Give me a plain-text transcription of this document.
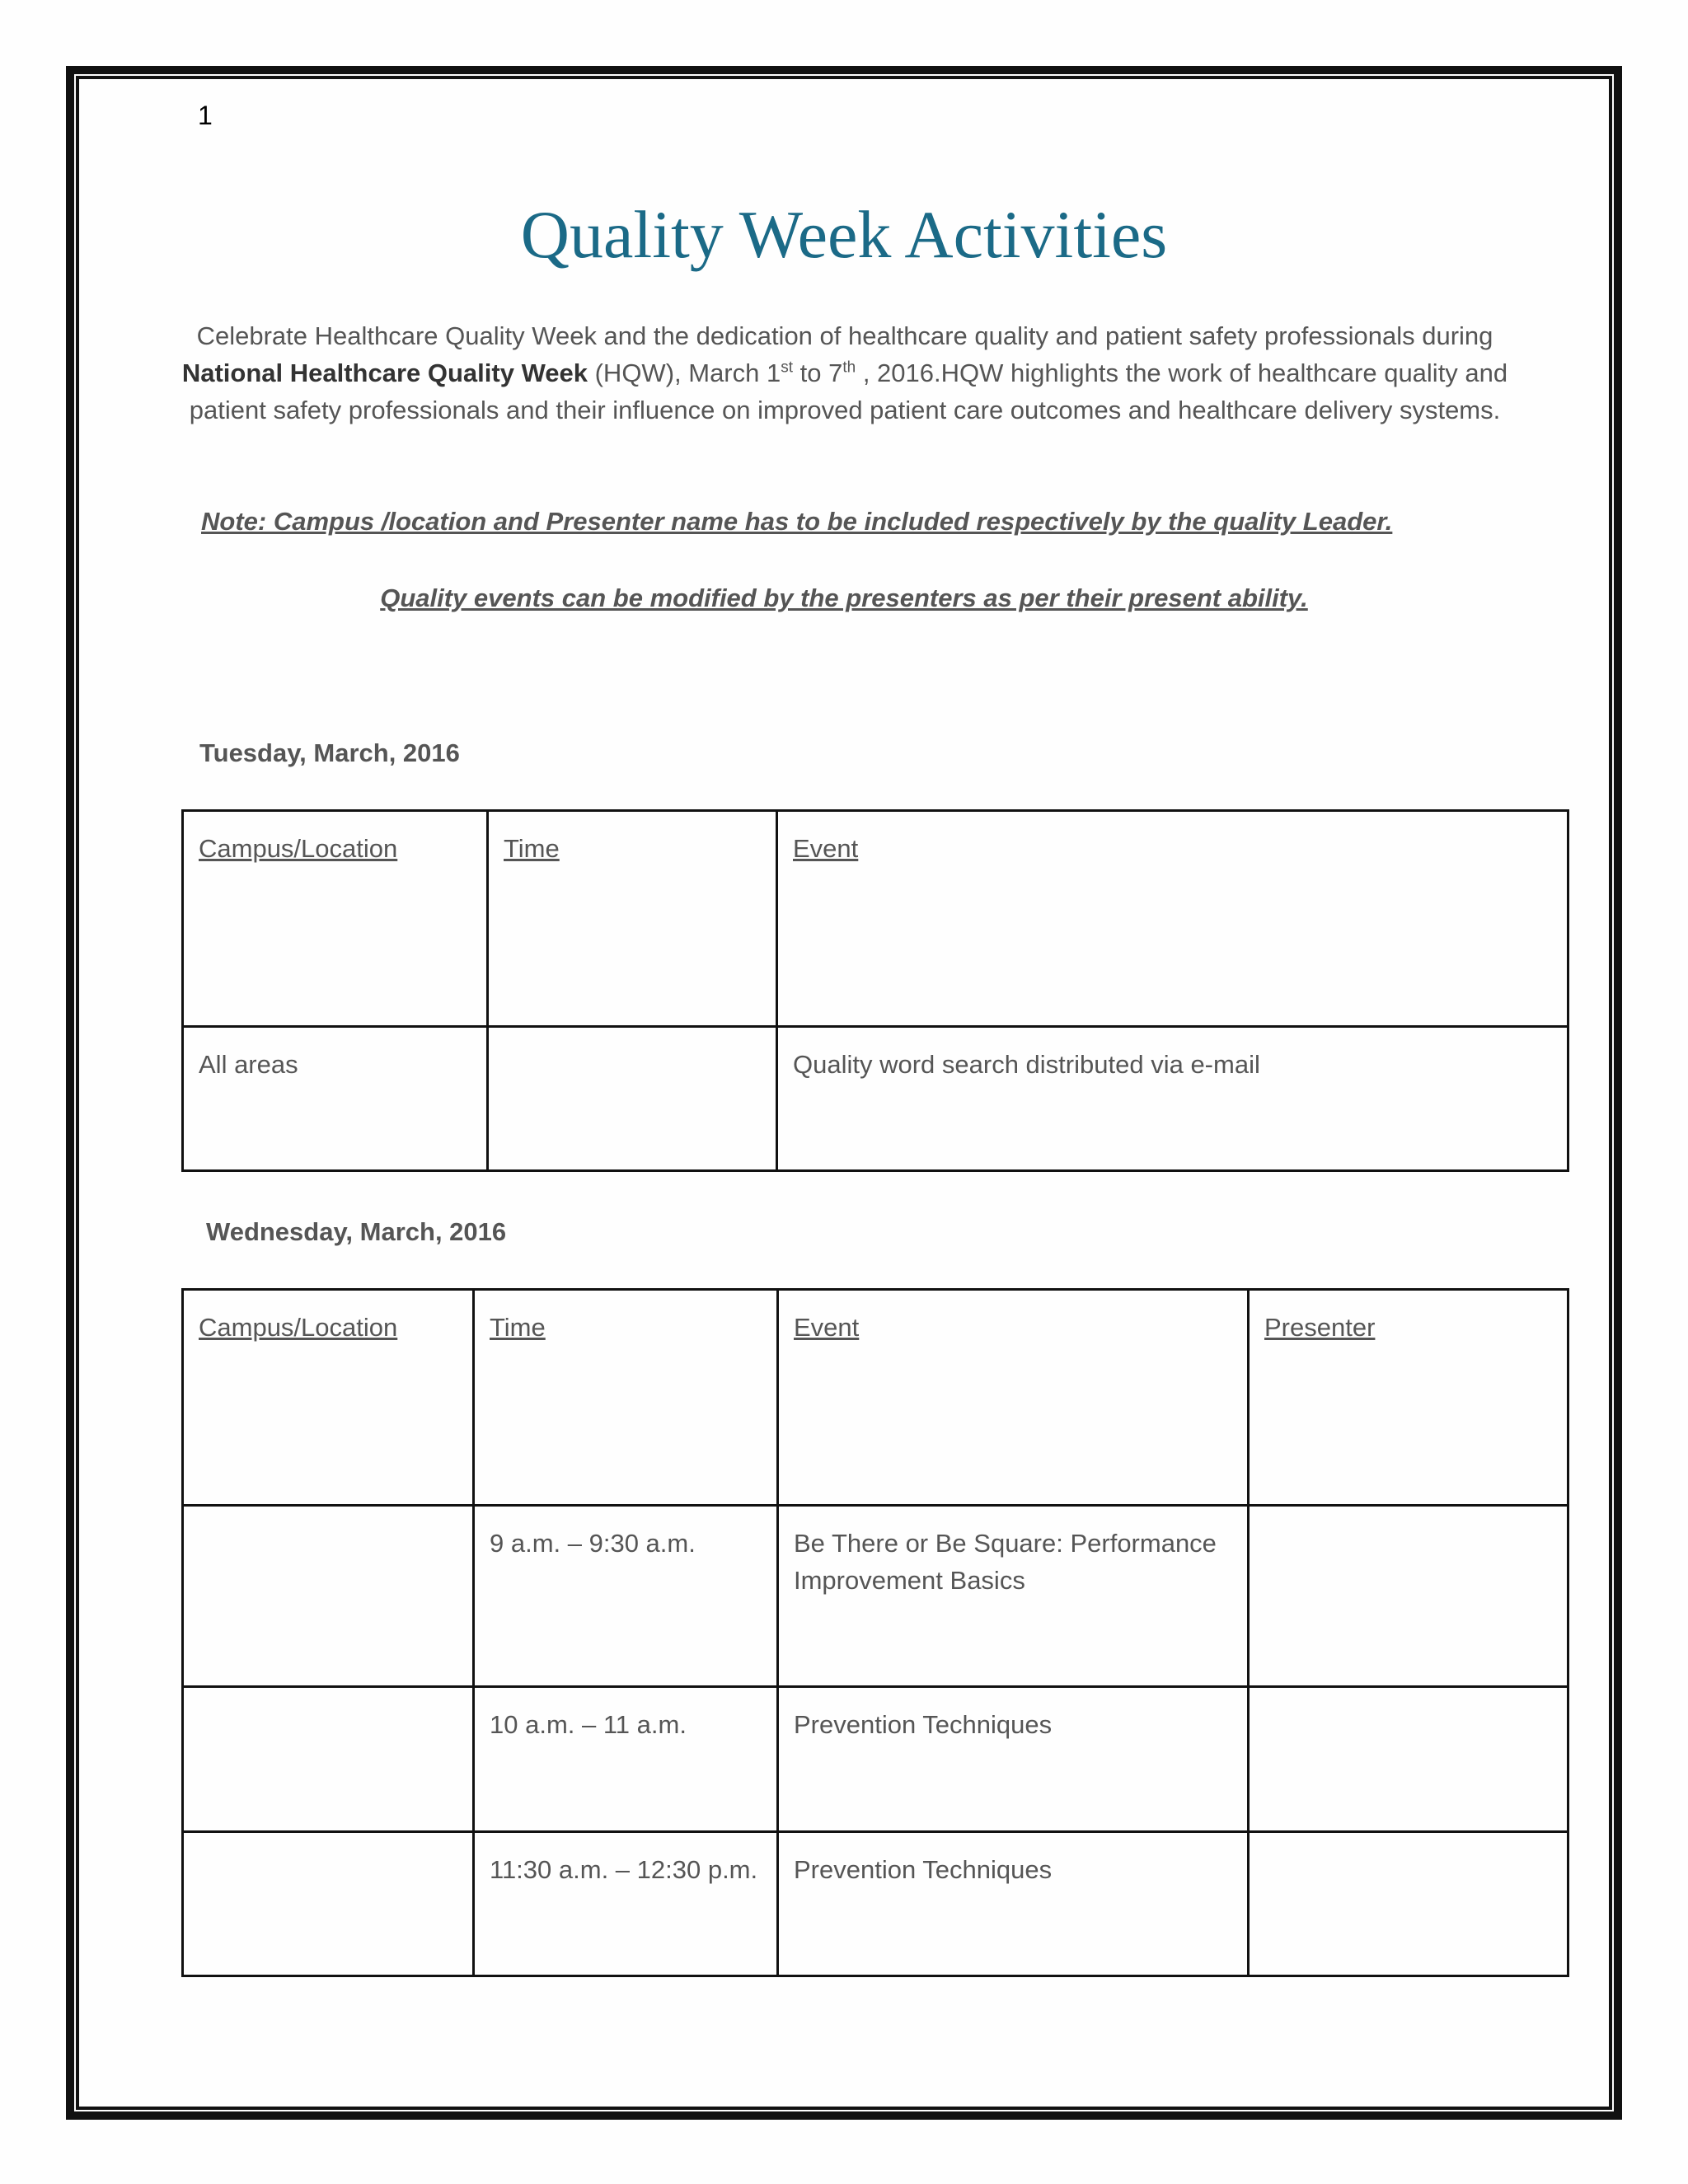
1
Quality Week Activities
Celebrate Healthcare Quality Week and the dedication of healthcare quality and patient safety professionals during National Healthcare Quality Week (HQW), March 1st to 7th , 2016.HQW highlights the work of healthcare quality and patient safety professionals and their influence on improved patient care outcomes and healthcare delivery systems.
Note: Campus /location and Presenter name has to be included respectively by the quality Leader.
Quality events can be modified by the presenters as per their present ability.
Tuesday, March, 2016
Campus/Location	Time	Event
All areas		Quality word search distributed via e-mail
Wednesday, March, 2016
Campus/Location	Time	Event	Presenter
	9 a.m. – 9:30 a.m.	Be There or Be Square: Performance Improvement Basics	
	10 a.m. – 11 a.m.	Prevention Techniques	
	11:30 a.m. – 12:30 p.m.	Prevention Techniques	
